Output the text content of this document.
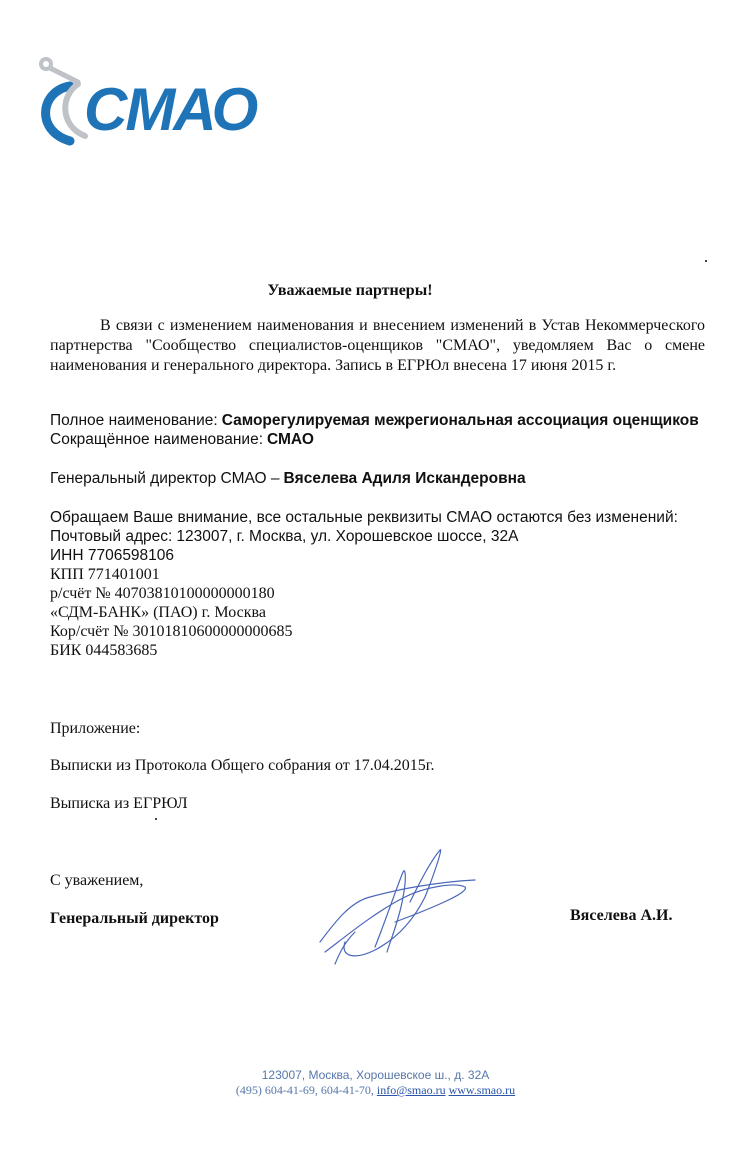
СМАО
Уважаемые партнеры!
В связи с изменением наименования и внесением изменений в Устав Некоммерческого партнерства "Сообщество специалистов-оценщиков "СМАО", уведомляем Вас о смене наименования и генерального директора. Запись в ЕГРЮл внесена 17 июня 2015 г.
Полное наименование: Саморегулируемая межрегиональная ассоциация оценщиков
Сокращённое наименование: СМАО
Генеральный директор СМАО – Вяселева Адиля Искандеровна
Обращаем Ваше внимание, все остальные реквизиты СМАО остаются без изменений:
Почтовый адрес: 123007, г. Москва, ул. Хорошевское шоссе, 32А
ИНН 7706598106
КПП 771401001
р/счёт № 40703810100000000180
«СДМ-БАНК» (ПАО) г. Москва
Кор/счёт № 30101810600000000685
БИК 044583685
Приложение:
Выписки из Протокола Общего собрания от 17.04.2015г.
Выписка из ЕГРЮЛ
С уважением,
Генеральный директор	Вяселева А.И.
123007, Москва, Хорошевское ш., д. 32А
(495) 604-41-69, 604-41-70, info@smao.ru www.smao.ru
